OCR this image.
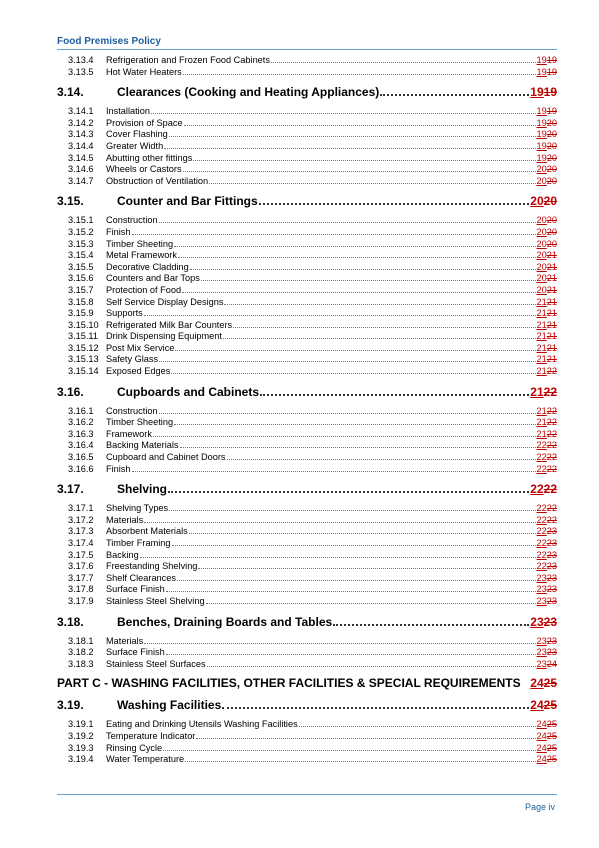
Food Premises Policy
3.13.4	Refrigeration and Frozen Food Cabinets	1919
3.13.5	Hot Water Heaters	1919
3.14.	Clearances (Cooking and Heating Appliances)	1919
3.14.1	Installation	1919
3.14.2	Provision of Space	1920
3.14.3	Cover Flashing	1920
3.14.4	Greater Width	1920
3.14.5	Abutting other fittings	1920
3.14.6	Wheels or Castors	2020
3.14.7	Obstruction of Ventilation	2020
3.15.	Counter and Bar Fittings	2020
3.15.1	Construction	2020
3.15.2	Finish	2020
3.15.3	Timber Sheeting	2020
3.15.4	Metal Framework	2021
3.15.5	Decorative Cladding	2021
3.15.6	Counters and Bar Tops	2021
3.15.7	Protection of Food	2021
3.15.8	Self Service Display Designs	2121
3.15.9	Supports	2121
3.15.10 Refrigerated Milk Bar Counters	2121
3.15.11 Drink Dispensing Equipment	2121
3.15.12 Post Mix Service	2121
3.15.13 Safety Glass	2121
3.15.14 Exposed Edges	2122
3.16.	Cupboards and Cabinets	2122
3.16.1	Construction	2122
3.16.2	Timber Sheeting	2122
3.16.3	Framework	2122
3.16.4	Backing Materials	2222
3.16.5	Cupboard and Cabinet Doors	2222
3.16.6	Finish	2222
3.17.	Shelving	2222
3.17.1	Shelving Types	2222
3.17.2	Materials	2222
3.17.3	Absorbent Materials	2223
3.17.4	Timber Framing	2223
3.17.5	Backing	2223
3.17.6	Freestanding Shelving	2223
3.17.7	Shelf Clearances	2323
3.17.8	Surface Finish	2323
3.17.9	Stainless Steel Shelving	2323
3.18.	Benches, Draining Boards and Tables	2323
3.18.1	Materials	2323
3.18.2	Surface Finish	2323
3.18.3	Stainless Steel Surfaces	2324
PART C - WASHING FACILITIES, OTHER FACILITIES & SPECIAL REQUIREMENTS 2425
3.19.	Washing Facilities	2425
3.19.1	Eating and Drinking Utensils Washing Facilities	2425
3.19.2	Temperature Indicator	2425
3.19.3	Rinsing Cycle	2425
3.19.4	Water Temperature	2425
Page iv
